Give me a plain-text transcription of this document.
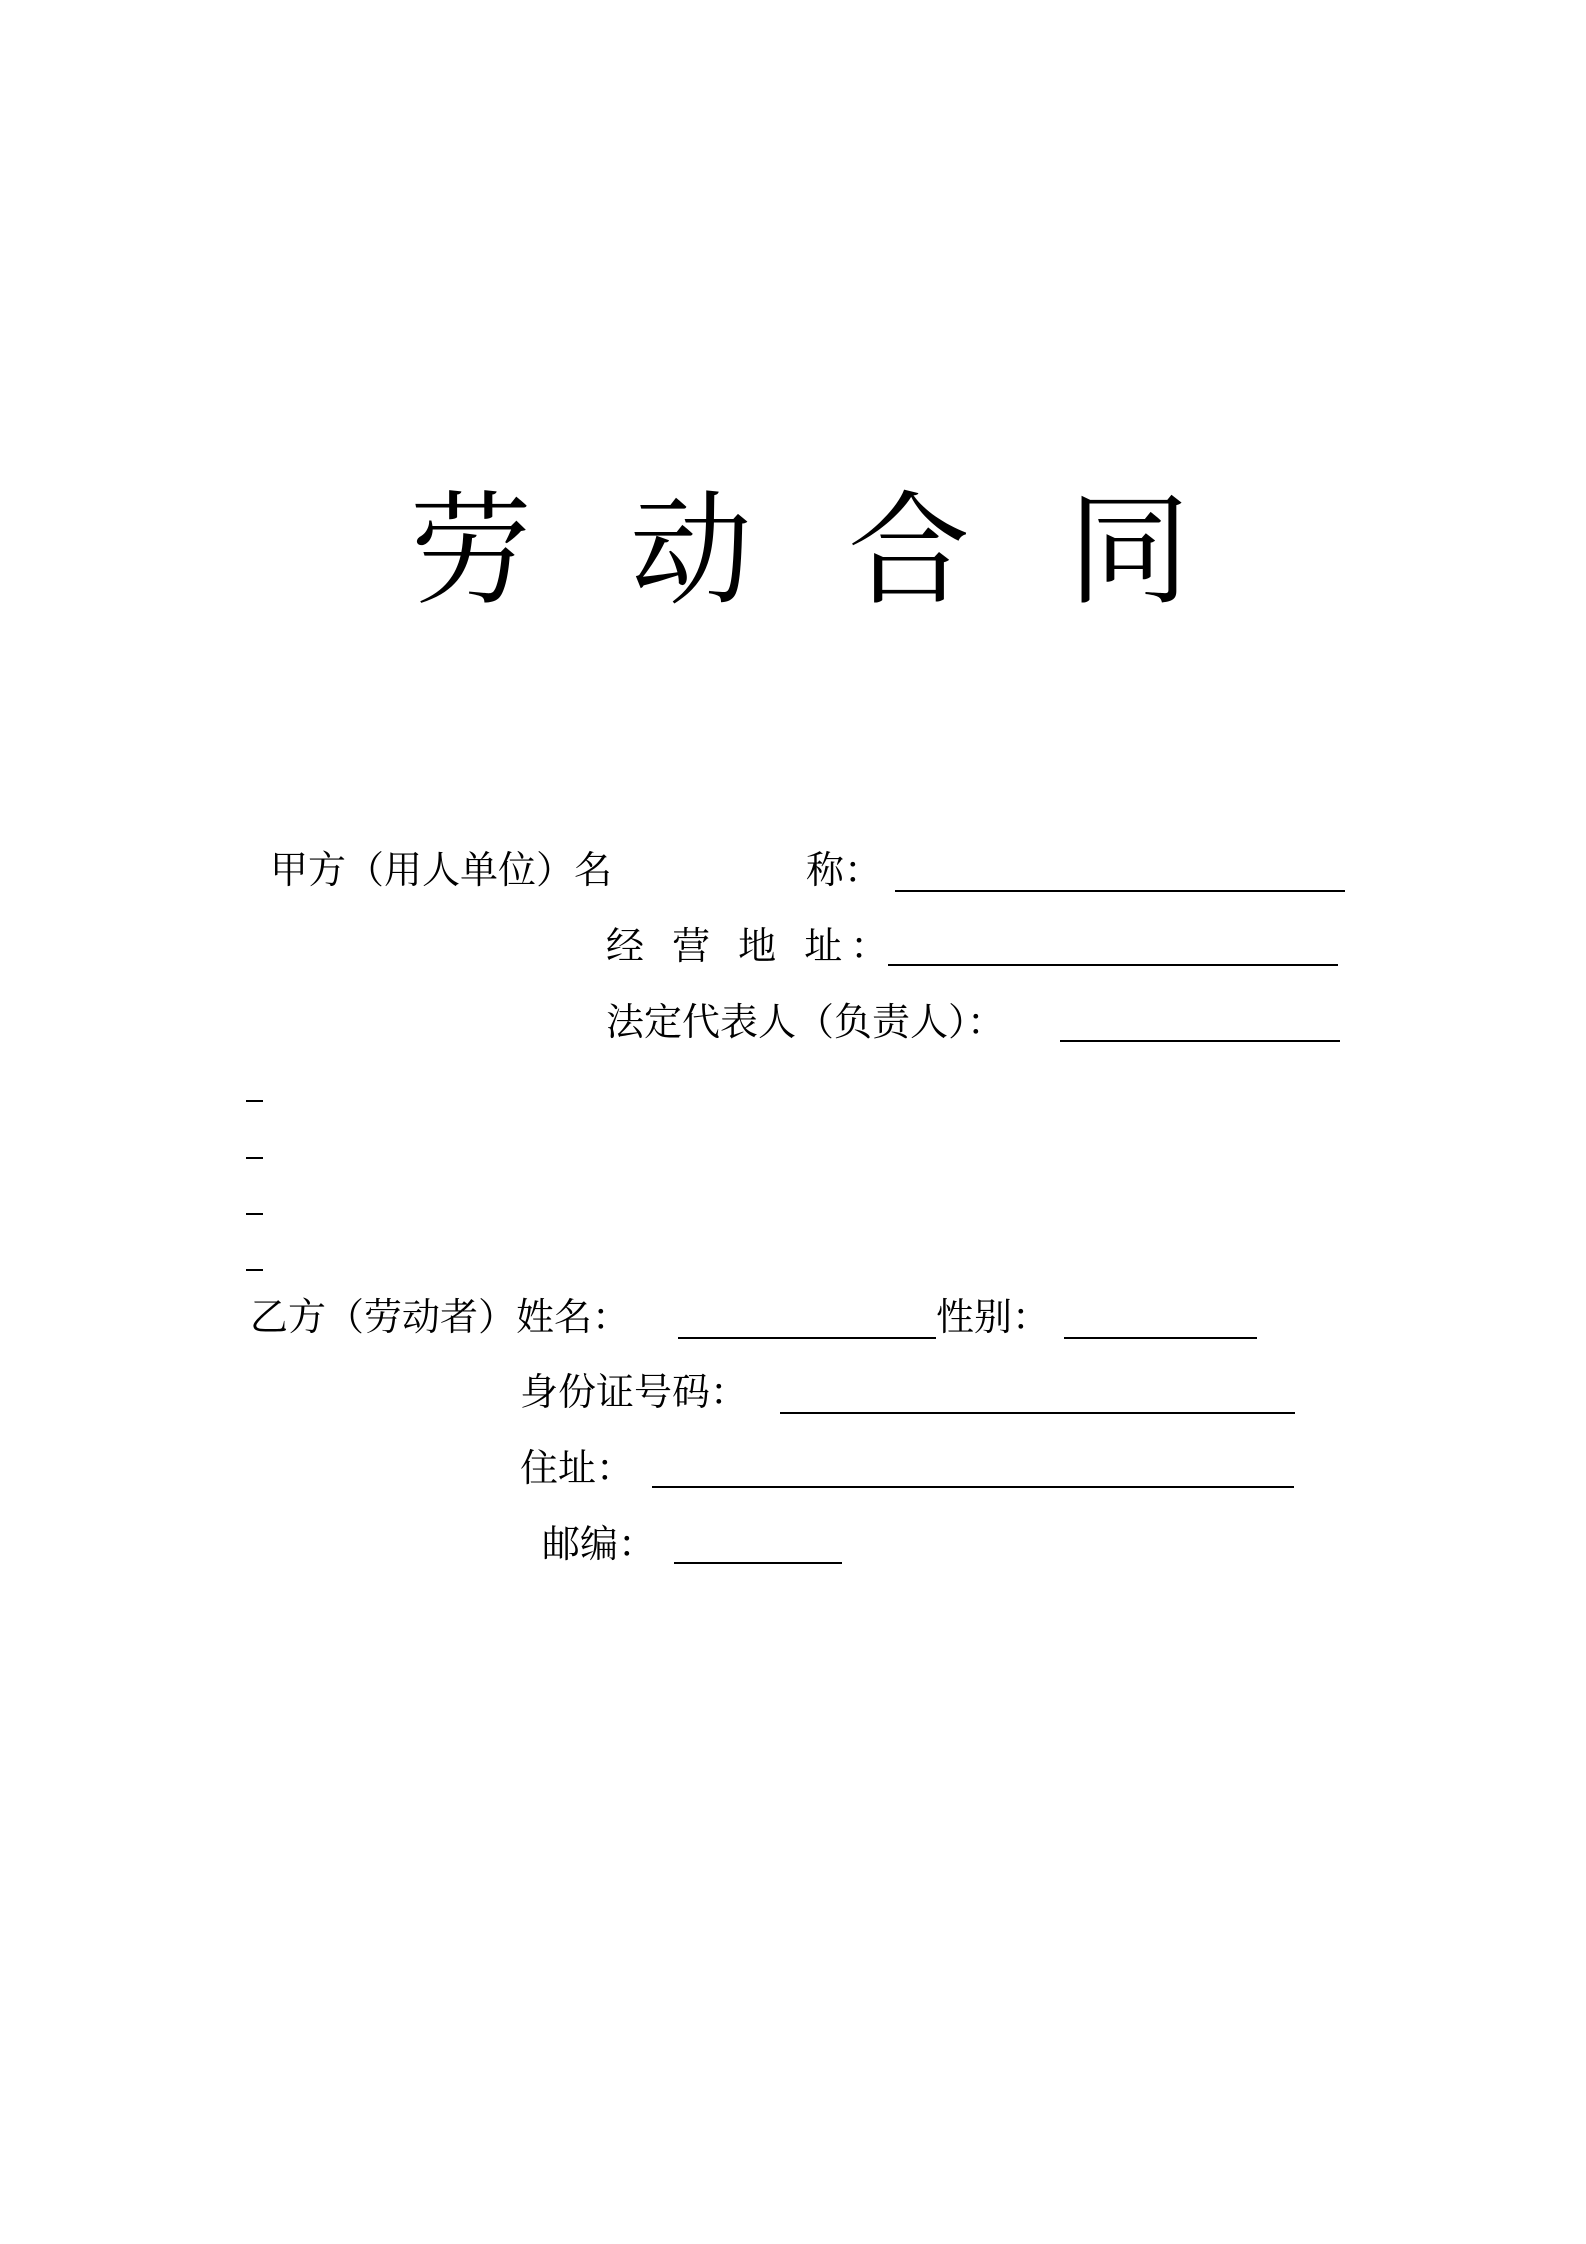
劳 动 合 同
甲方（用人单位）名	称：
经 营 地 址：
法定代表人（负责人）：
乙方（劳动者）姓名：	性别：
身份证号码：
住址：
邮编：
